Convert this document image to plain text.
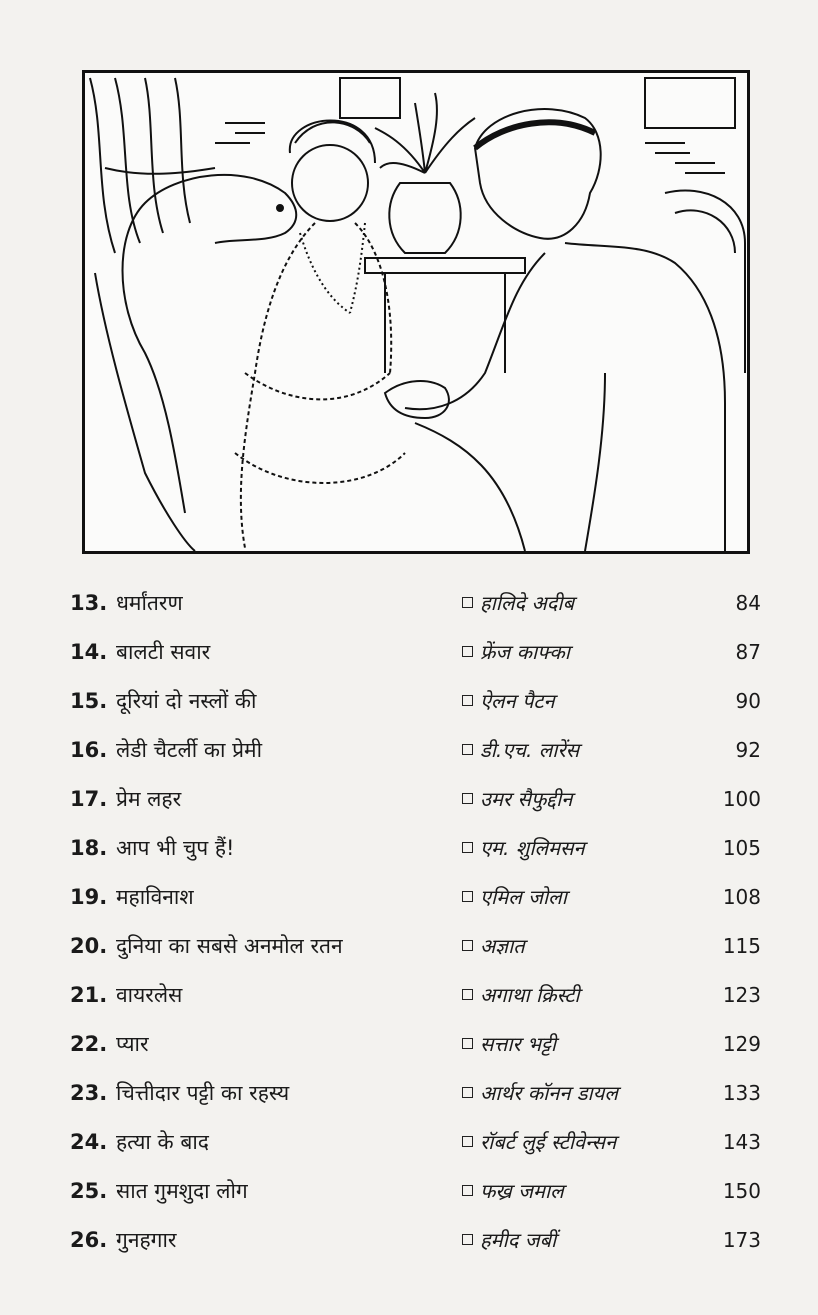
13. धर्मांतरण	हालिदे अदीब	84
14. बालटी सवार	फ्रेंज काफ्का	87
15. दूरियां दो नस्लों की	ऐलन पैटन	90
16. लेडी चैटर्ली का प्रेमी	डी.एच. लारेंस	92
17. प्रेम लहर	उमर सैफुद्दीन	100
18. आप भी चुप हैं!	एम. शुलिमसन	105
19. महाविनाश	एमिल जोला	108
20. दुनिया का सबसे अनमोल रतन	अज्ञात	115
21. वायरलेस	अगाथा क्रिस्टी	123
22. प्यार	सत्तार भट्टी	129
23. चित्तीदार पट्टी का रहस्य	आर्थर कॉनन डायल	133
24. हत्या के बाद	रॉबर्ट लुई स्टीवेन्सन	143
25. सात गुमशुदा लोग	फख्र जमाल	150
26. गुनहगार	हमीद जबीं	173
